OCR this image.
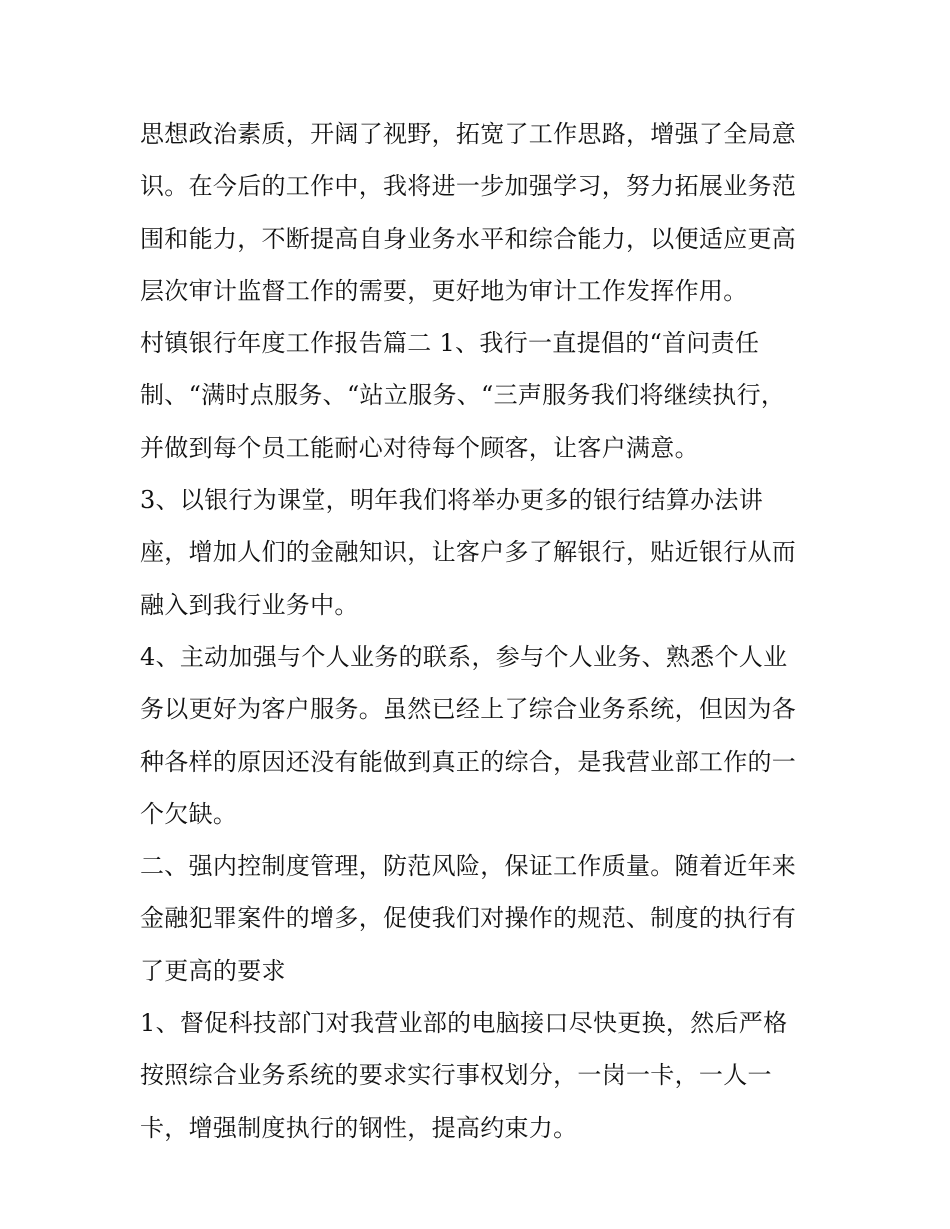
思想政治素质，开阔了视野，拓宽了工作思路，增强了全局意
识。在今后的工作中，我将进一步加强学习，努力拓展业务范
围和能力，不断提高自身业务水平和综合能力，以便适应更高
层次审计监督工作的需要，更好地为审计工作发挥作用。
村镇银行年度工作报告篇二 1、我行一直提倡的“首问责任
制、“满时点服务、“站立服务、“三声服务我们将继续执行，
并做到每个员工能耐心对待每个顾客，让客户满意。
3、以银行为课堂，明年我们将举办更多的银行结算办法讲
座，增加人们的金融知识，让客户多了解银行，贴近银行从而
融入到我行业务中。
4、主动加强与个人业务的联系，参与个人业务、熟悉个人业
务以更好为客户服务。虽然已经上了综合业务系统，但因为各
种各样的原因还没有能做到真正的综合，是我营业部工作的一
个欠缺。
二、强内控制度管理，防范风险，保证工作质量。随着近年来
金融犯罪案件的增多，促使我们对操作的规范、制度的执行有
了更高的要求
1、督促科技部门对我营业部的电脑接口尽快更换，然后严格
按照综合业务系统的要求实行事权划分，一岗一卡，一人一
卡，增强制度执行的钢性，提高约束力。
